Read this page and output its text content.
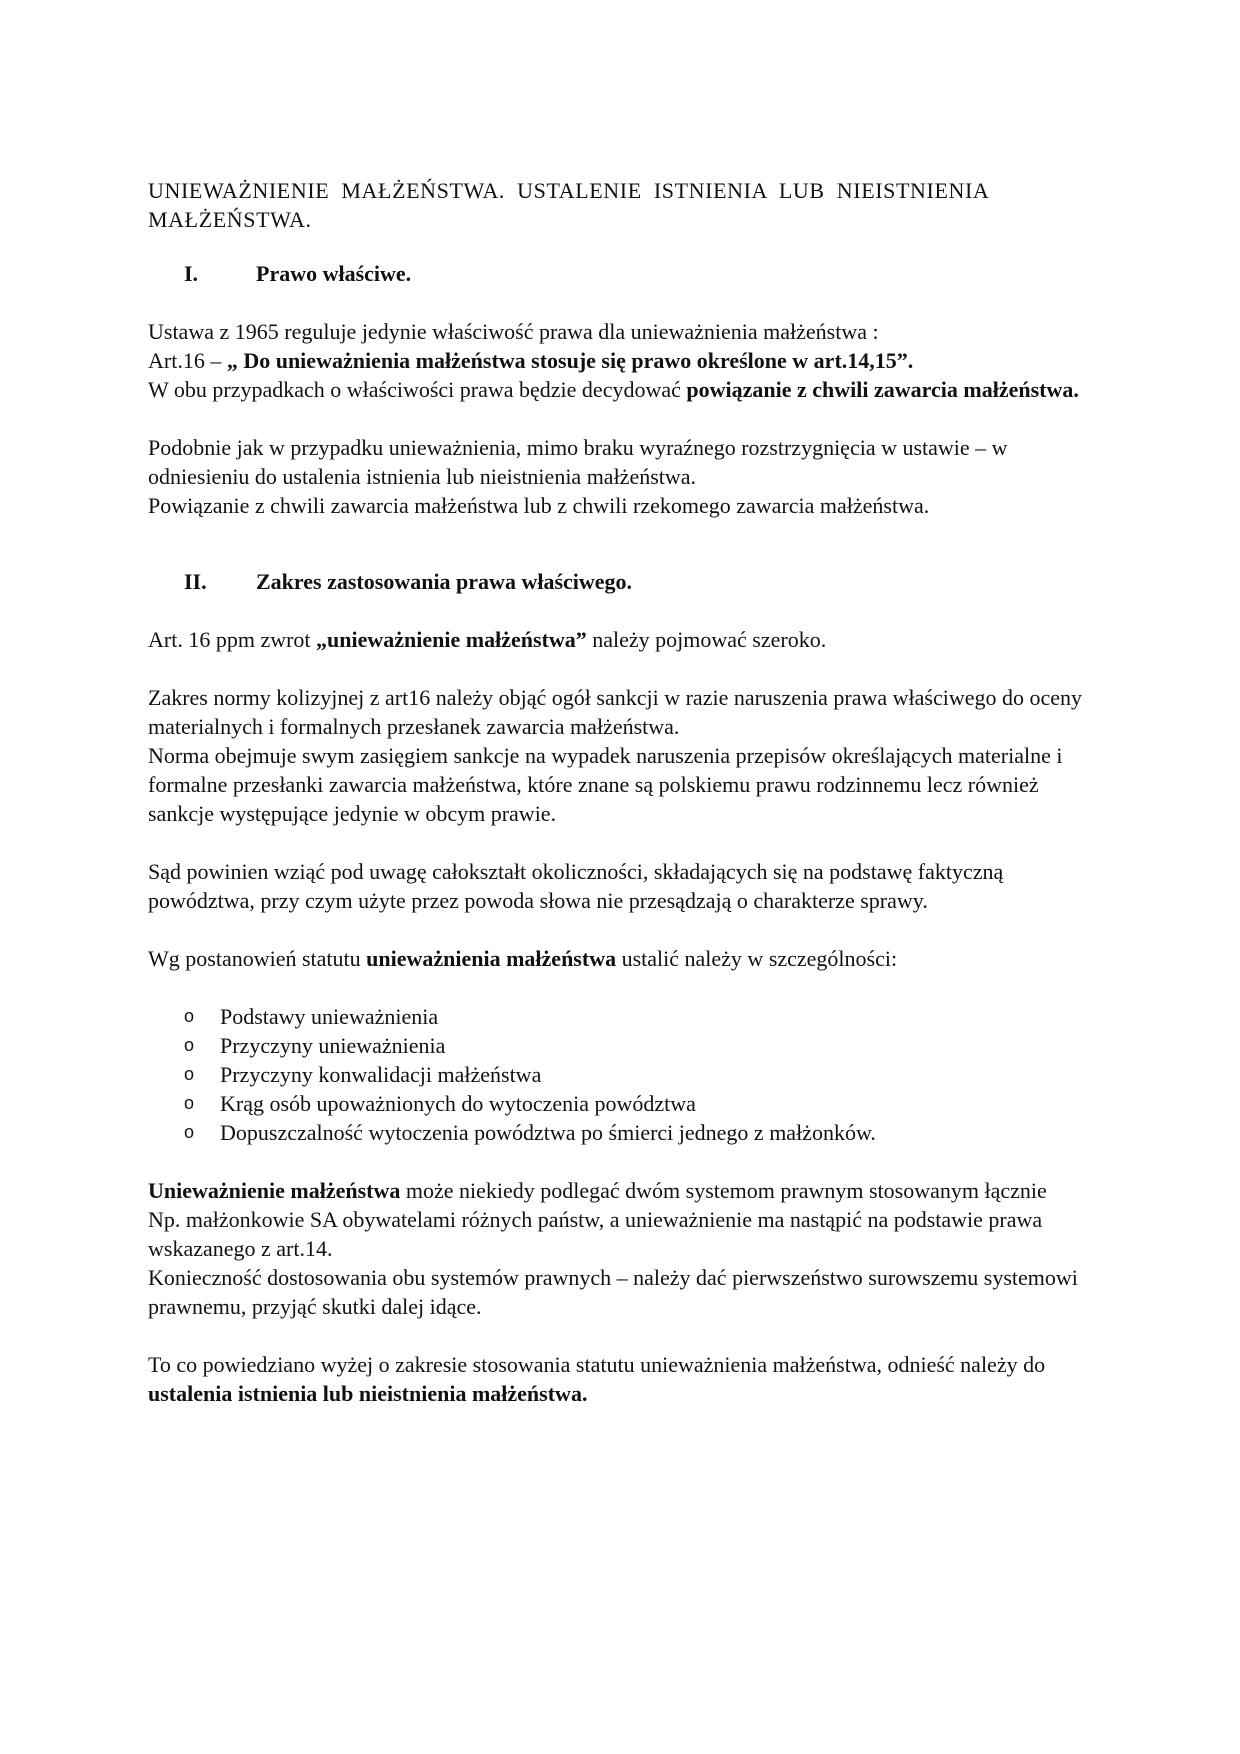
UNIEWAŻNIENIE MAŁŻEŃSTWA. USTALENIE ISTNIENIA LUB NIEISTNIENIA MAŁŻEŃSTWA.

I.	Prawo właściwe.

Ustawa z 1965 reguluje jedynie właściwość prawa dla unieważnienia małżeństwa :

Art.16 – „ Do unieważnienia małżeństwa stosuje się prawo określone w art.14,15”.

W obu przypadkach o właściwości prawa będzie decydować powiązanie z chwili zawarcia małżeństwa.

Podobnie jak w przypadku unieważnienia, mimo braku wyraźnego rozstrzygnięcia w ustawie – w odniesieniu do ustalenia istnienia lub nieistnienia małżeństwa.

Powiązanie z chwili zawarcia małżeństwa lub z chwili rzekomego zawarcia małżeństwa.

II.	Zakres zastosowania prawa właściwego.

Art. 16 ppm zwrot „unieważnienie małżeństwa” należy pojmować szeroko.

Zakres normy kolizyjnej z art16 należy objąć ogół sankcji w razie naruszenia prawa właściwego do oceny materialnych i formalnych przesłanek zawarcia małżeństwa.

Norma obejmuje swym zasięgiem sankcje na wypadek naruszenia przepisów określających materialne i formalne przesłanki zawarcia małżeństwa, które znane są polskiemu prawu rodzinnemu lecz również sankcje występujące jedynie w obcym prawie.

Sąd powinien wziąć pod uwagę całokształt okoliczności, składających się na podstawę faktyczną powództwa, przy czym użyte przez powoda słowa nie przesądzają o charakterze sprawy.

Wg postanowień statutu unieważnienia małżeństwa ustalić należy w szczególności:

o	Podstawy unieważnienia
o	Przyczyny unieważnienia
o	Przyczyny konwalidacji małżeństwa
o	Krąg osób upoważnionych do wytoczenia powództwa
o	Dopuszczalność wytoczenia powództwa po śmierci jednego z małżonków.

Unieważnienie małżeństwa może niekiedy podlegać dwóm systemom prawnym stosowanym łącznie

Np. małżonkowie SA obywatelami różnych państw, a unieważnienie ma nastąpić na podstawie prawa wskazanego z art.14.

Konieczność dostosowania obu systemów prawnych – należy dać pierwszeństwo surowszemu systemowi prawnemu, przyjąć skutki dalej idące.

To co powiedziano wyżej o zakresie stosowania statutu unieważnienia małżeństwa, odnieść należy do ustalenia istnienia lub nieistnienia małżeństwa.
